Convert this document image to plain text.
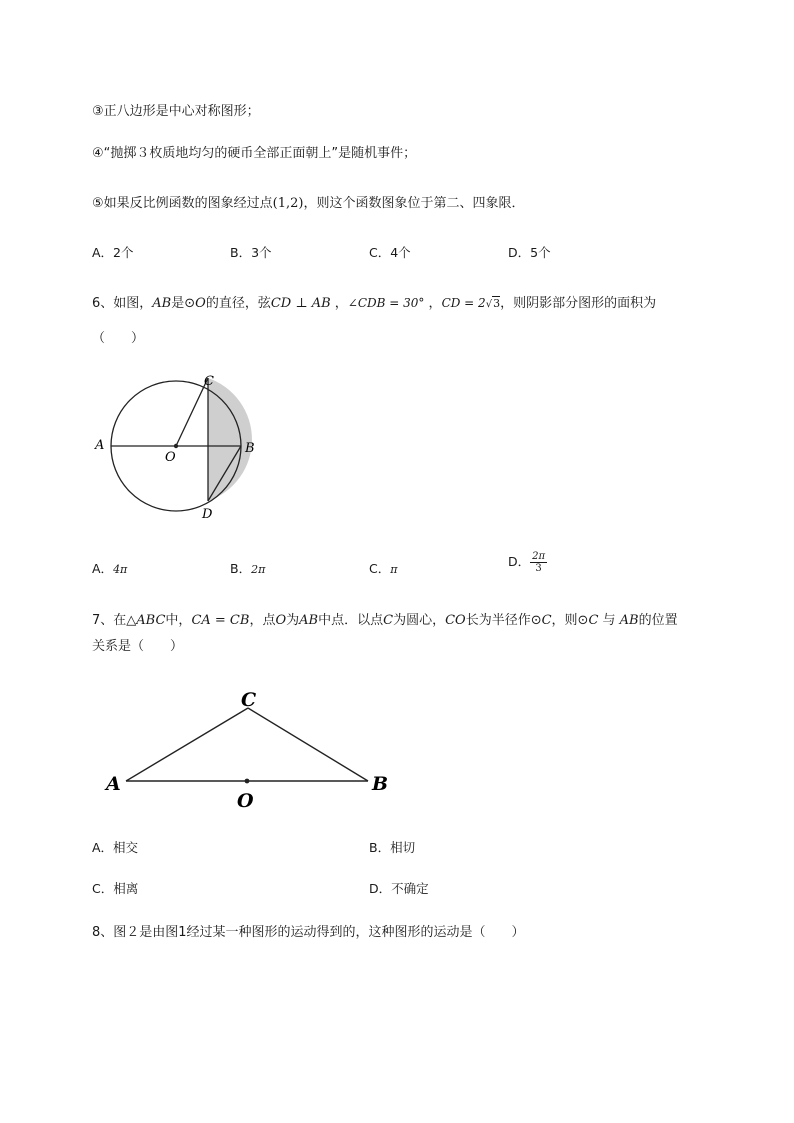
③正八边形是中心对称图形；
④“抛掷３枚质地均匀的硬币全部正面朝上”是随机事件；
⑤如果反比例函数的图象经过点(1,2)，则这个函数图象位于第二、四象限．
A．2个	B．3个	C．4个	D．5个
6、如图，AB是⊙O的直径，弦CD ⊥ AB ，∠CDB = 30° ，CD = 2√3，则阴影部分图形的面积为
（　　）
C
A
O
B
D
A．4π	B．2π	C．π
D． $\frac{2\pi}{3}$
7、在△ABC中，CA = CB，点O为AB中点．以点C为圆心，CO长为半径作⊙C，则⊙C 与 AB的位置
关系是（　　）
C
A
O
B
A．相交	B．相切
C．相离	D．不确定
8、图２是由图1经过某一种图形的运动得到的，这种图形的运动是（　　）
